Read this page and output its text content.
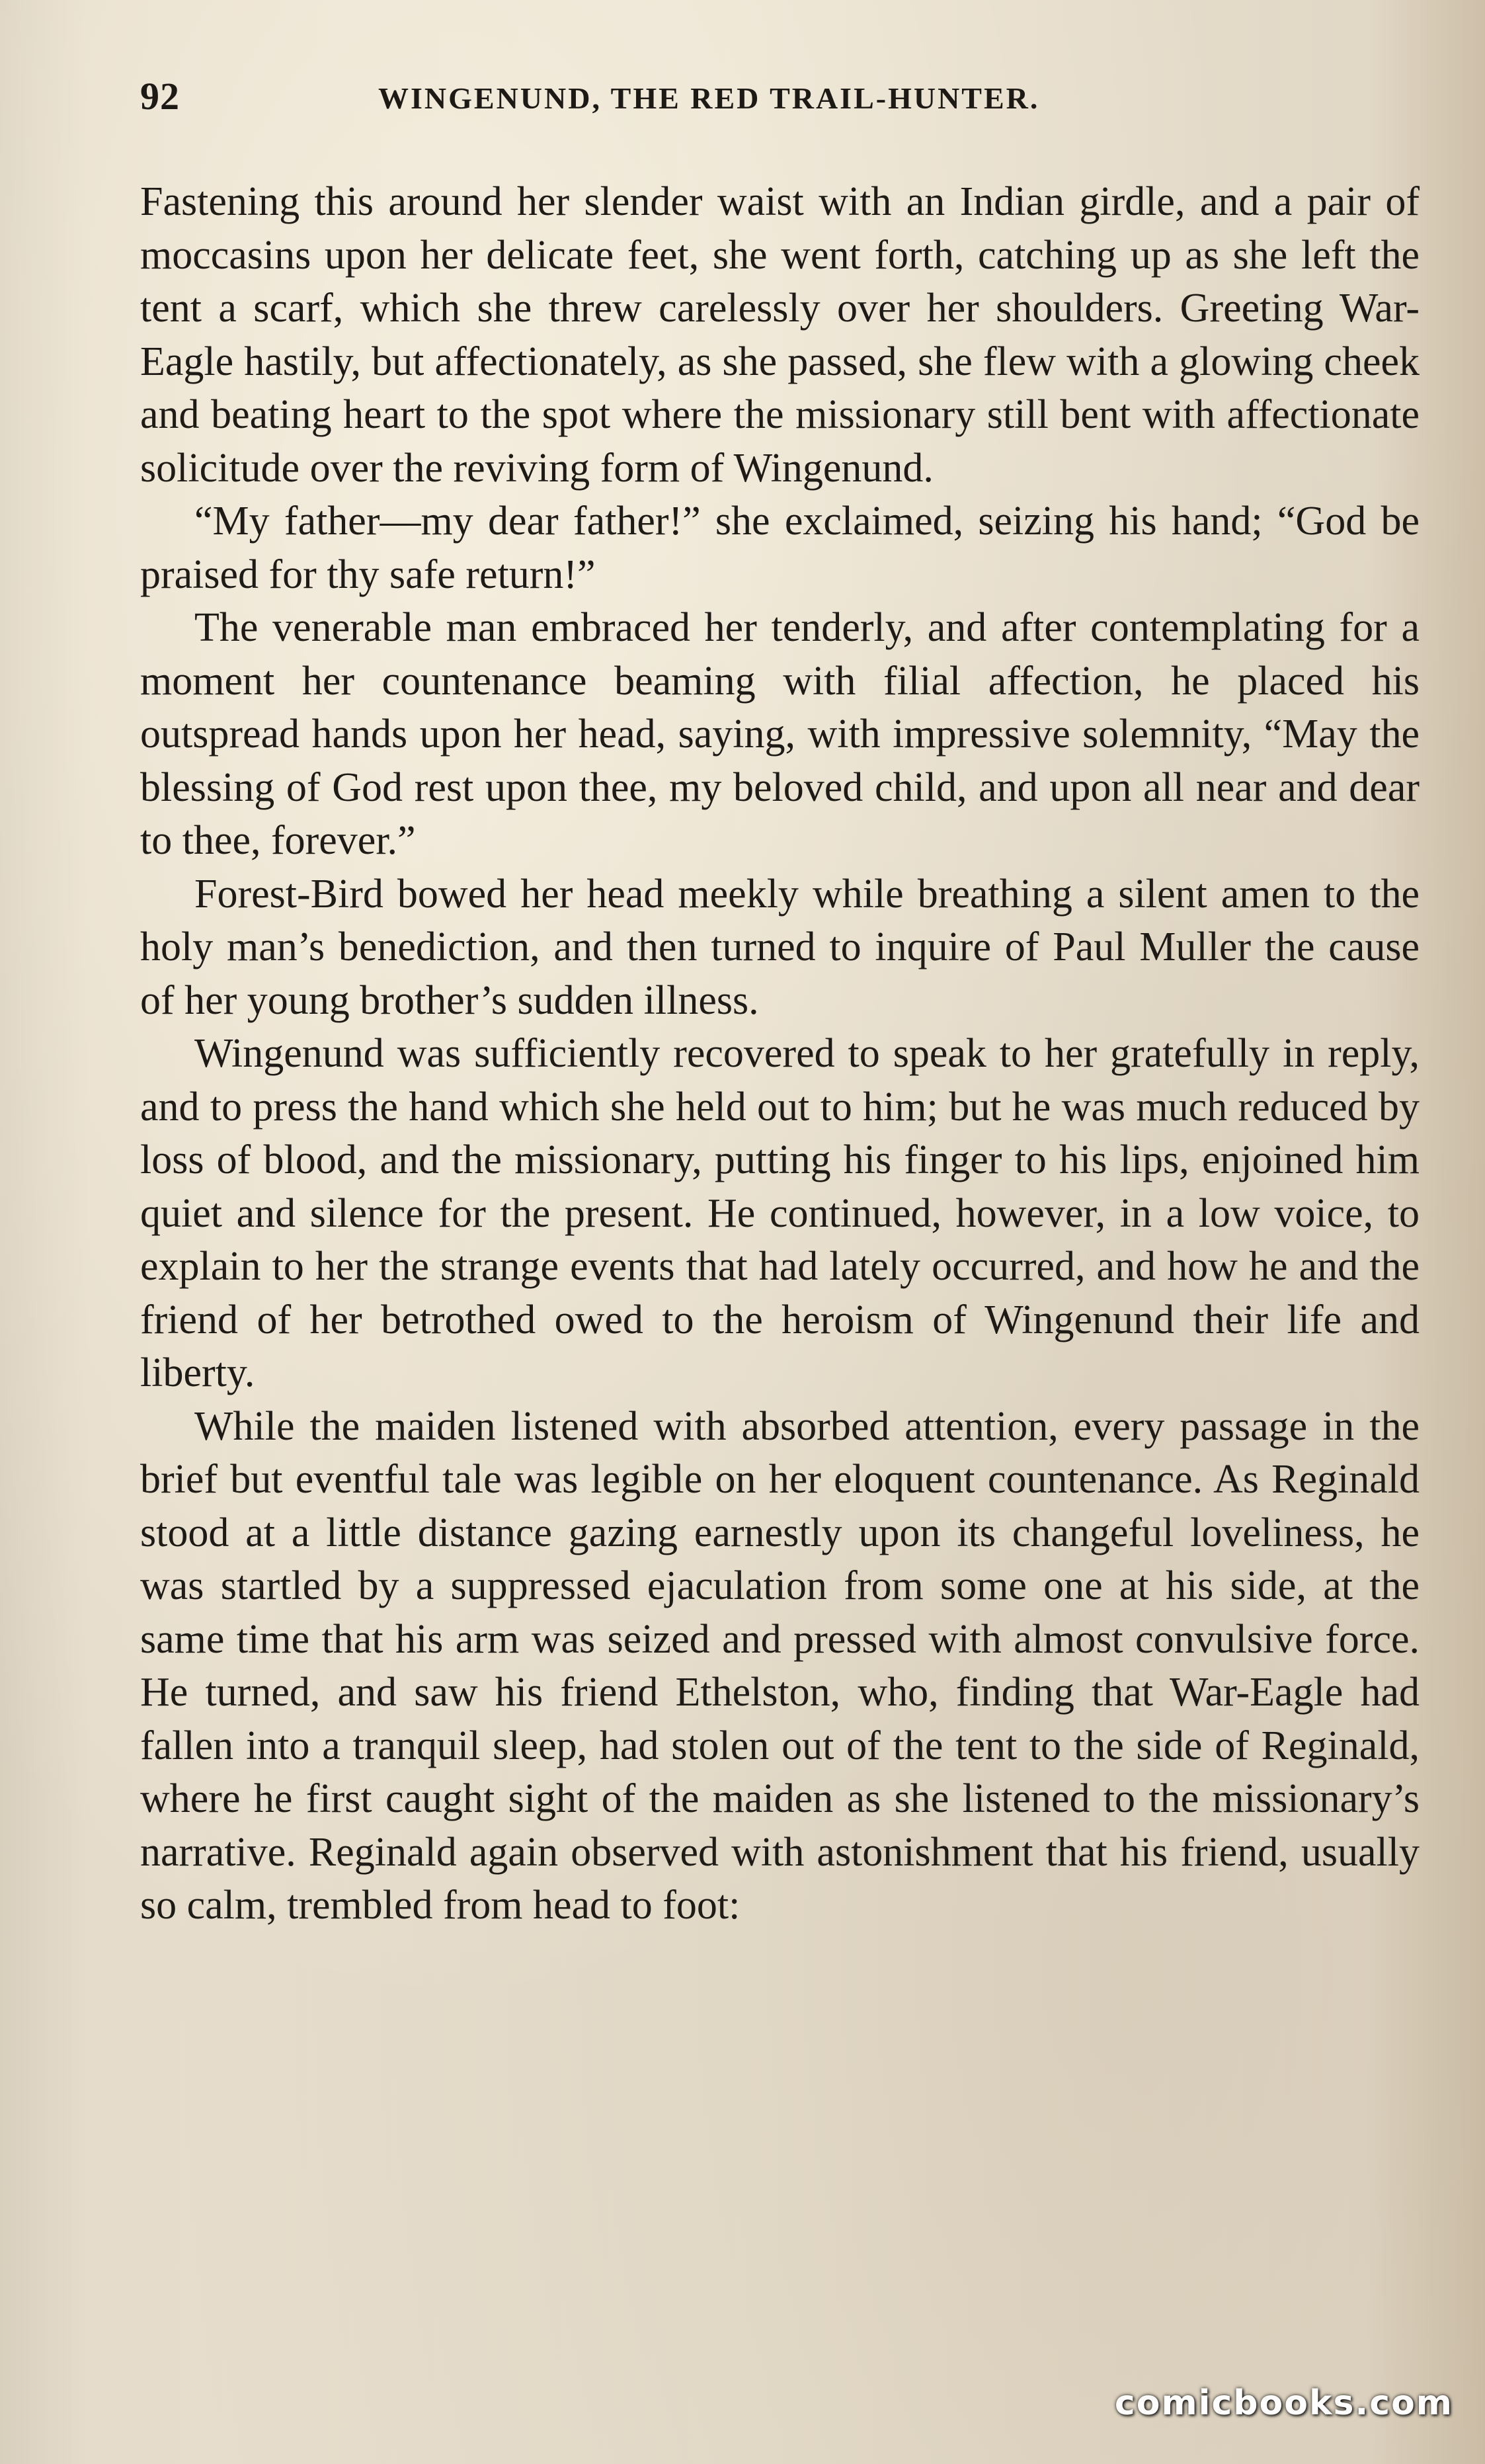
92	WINGENUND, THE RED TRAIL-HUNTER.

Fastening this around her slender waist with an Indian girdle, and a pair of moccasins upon her delicate feet, she went forth, catching up as she left the tent a scarf, which she threw carelessly over her shoulders. Greeting War-Eagle hastily, but affectionately, as she passed, she flew with a glowing cheek and beating heart to the spot where the missionary still bent with affectionate solicitude over the reviving form of Wingenund.

“My father—my dear father!” she exclaimed, seizing his hand; “God be praised for thy safe return!”

The venerable man embraced her tenderly, and after contemplating for a moment her countenance beaming with filial affection, he placed his outspread hands upon her head, saying, with impressive solemnity, “May the blessing of God rest upon thee, my beloved child, and upon all near and dear to thee, forever.”

Forest-Bird bowed her head meekly while breathing a silent amen to the holy man’s benediction, and then turned to inquire of Paul Muller the cause of her young brother’s sudden illness.

Wingenund was sufficiently recovered to speak to her gratefully in reply, and to press the hand which she held out to him; but he was much reduced by loss of blood, and the missionary, putting his finger to his lips, enjoined him quiet and silence for the present. He continued, however, in a low voice, to explain to her the strange events that had lately occurred, and how he and the friend of her betrothed owed to the heroism of Wingenund their life and liberty.

While the maiden listened with absorbed attention, every passage in the brief but eventful tale was legible on her eloquent countenance. As Reginald stood at a little distance gazing earnestly upon its changeful loveliness, he was startled by a suppressed ejaculation from some one at his side, at the same time that his arm was seized and pressed with almost convulsive force. He turned, and saw his friend Ethelston, who, finding that War-Eagle had fallen into a tranquil sleep, had stolen out of the tent to the side of Reginald, where he first caught sight of the maiden as she listened to the missionary’s narrative. Reginald again observed with astonishment that his friend, usually so calm, trembled from head to foot:

comicbooks.com
